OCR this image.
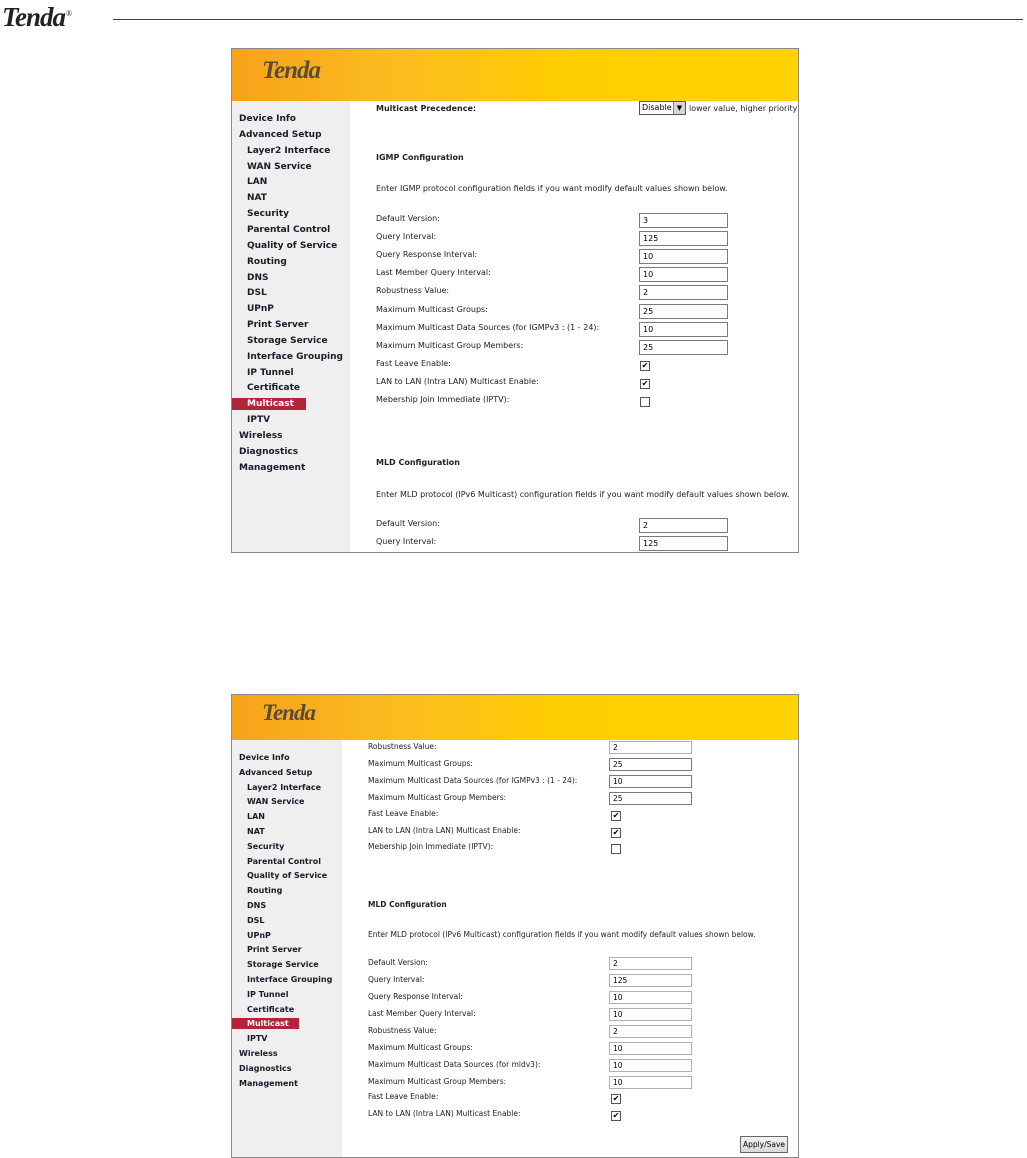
Tenda®
Tenda
Device Info
Advanced Setup
Layer2 Interface
WAN Service
LAN
NAT
Security
Parental Control
Quality of Service
Routing
DNS
DSL
UPnP
Print Server
Storage Service
Interface Grouping
IP Tunnel
Certificate
Multicast
IPTV
Wireless
Diagnostics
Management
Multicast Precedence:	Disable ▼ lower value, higher priority
IGMP Configuration
Enter IGMP protocol configuration fields if you want modify default values shown below.
Default Version:
3
Query Interval:
125
Query Response Interval:
10
Last Member Query Interval:
10
Robustness Value:
2
Maximum Multicast Groups:
25
Maximum Multicast Data Sources (for IGMPv3 : (1 - 24):
10
Maximum Multicast Group Members:
25
Fast Leave Enable:	✔
LAN to LAN (Intra LAN) Multicast Enable:	✔
Mebership Join Immediate (IPTV):
MLD Configuration
Enter MLD protocol (IPv6 Multicast) configuration fields if you want modify default values shown below.
Default Version:
2
Query Interval:
125
Tenda
Device Info
Advanced Setup
Layer2 Interface
WAN Service
LAN
NAT
Security
Parental Control
Quality of Service
Routing
DNS
DSL
UPnP
Print Server
Storage Service
Interface Grouping
IP Tunnel
Certificate
Multicast
IPTV
Wireless
Diagnostics
Management
Robustness Value:
2
Maximum Multicast Groups:
25
Maximum Multicast Data Sources (for IGMPv3 : (1 - 24):
10
Maximum Multicast Group Members:
25
Fast Leave Enable:	✔
LAN to LAN (Intra LAN) Multicast Enable:	✔
Mebership Join Immediate (IPTV):
MLD Configuration
Enter MLD protocol (IPv6 Multicast) configuration fields if you want modify default values shown below.
Default Version:
2
Query Interval:
125
Query Response Interval:
10
Last Member Query Interval:
10
Robustness Value:
2
Maximum Multicast Groups:
10
Maximum Multicast Data Sources (for mldv3):
10
Maximum Multicast Group Members:
10
Fast Leave Enable:	✔
LAN to LAN (Intra LAN) Multicast Enable:	✔
Apply/Save
